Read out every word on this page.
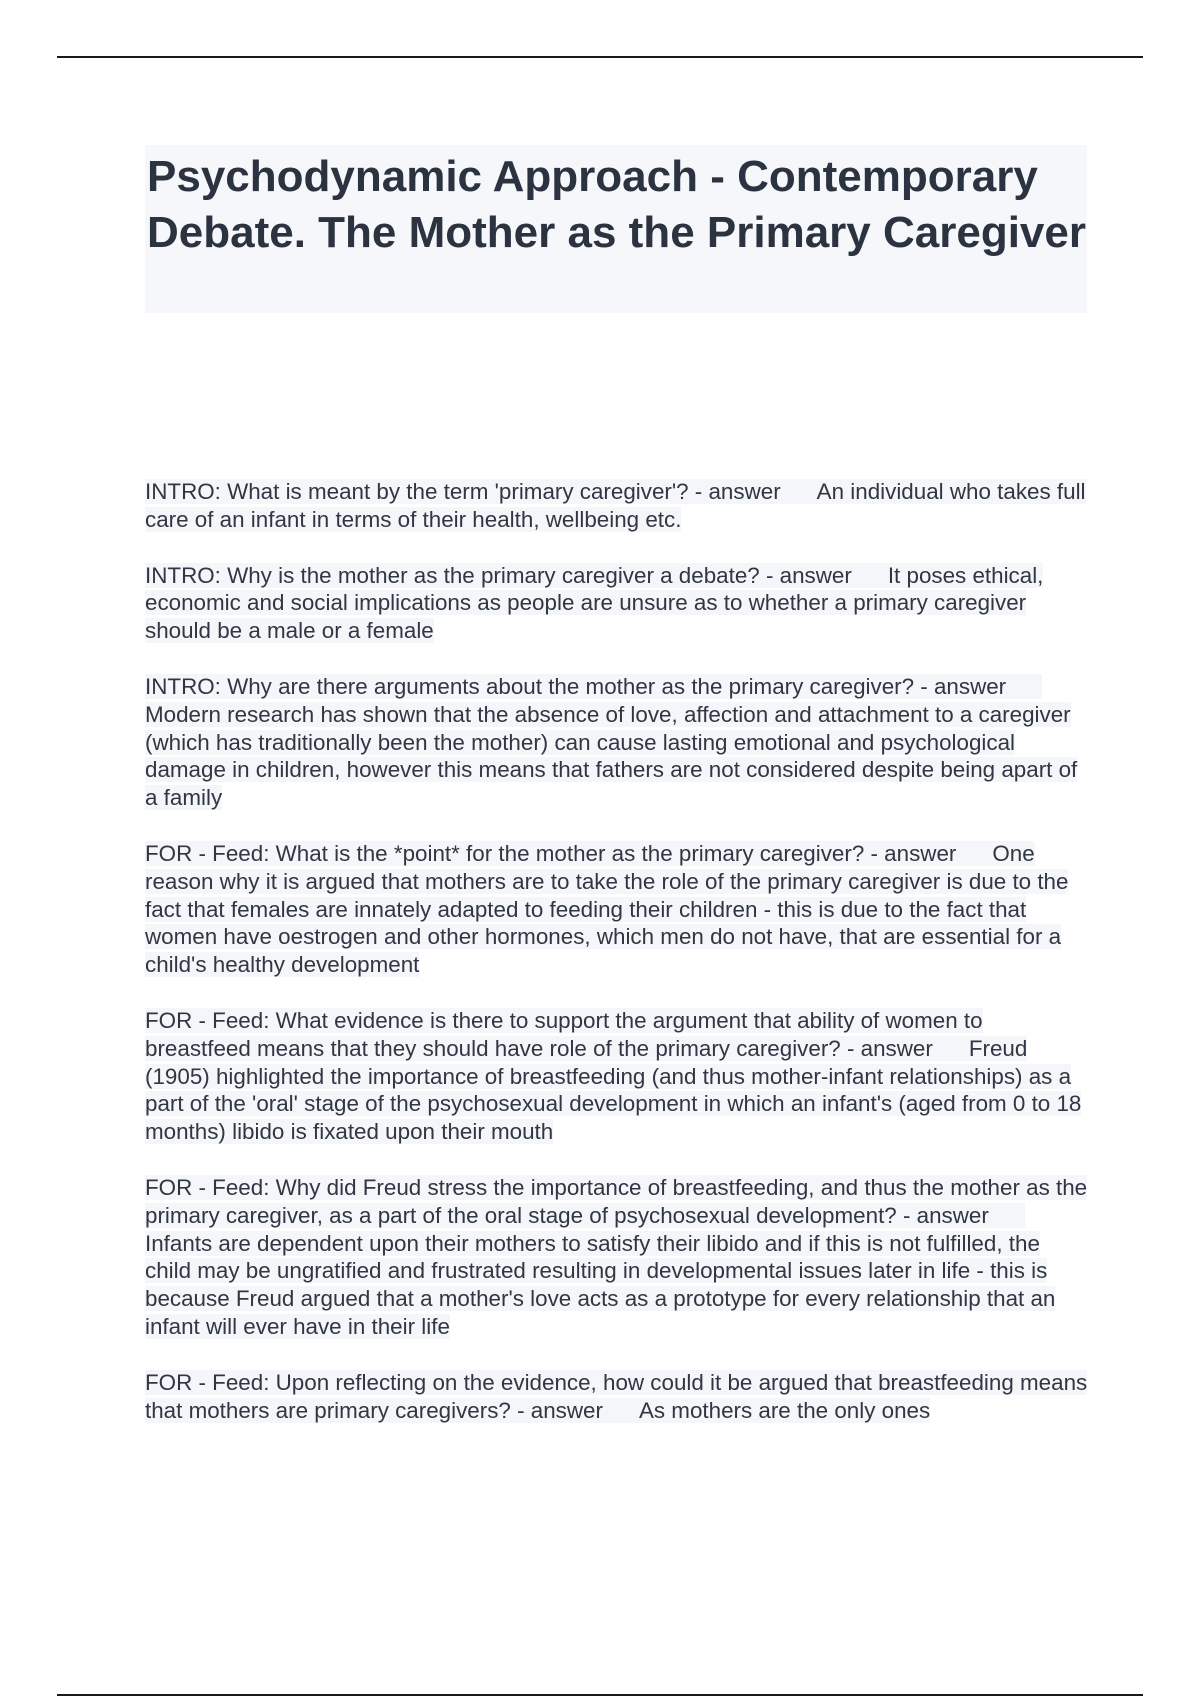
Psychodynamic Approach - Contemporary Debate. The Mother as the Primary Caregiver

INTRO: What is meant by the term 'primary caregiver'? - answer An individual who takes full care of an infant in terms of their health, wellbeing etc.

INTRO: Why is the mother as the primary caregiver a debate? - answer It poses ethical, economic and social implications as people are unsure as to whether a primary caregiver should be a male or a female

INTRO: Why are there arguments about the mother as the primary caregiver? - answerModern research has shown that the absence of love, affection and attachment to a caregiver (which has traditionally been the mother) can cause lasting emotional and psychological damage in children, however this means that fathers are not considered despite being apart of a family

FOR - Feed: What is the *point* for the mother as the primary caregiver? - answer One reason why it is argued that mothers are to take the role of the primary caregiver is due to the fact that females are innately adapted to feeding their children - this is due to the fact that women have oestrogen and other hormones, which men do not have, that are essential for a child's healthy development

FOR - Feed: What evidence is there to support the argument that ability of women to breastfeed means that they should have role of the primary caregiver? - answer Freud (1905) highlighted the importance of breastfeeding (and thus mother-infant relationships) as a part of the 'oral' stage of the psychosexual development in which an infant's (aged from 0 to 18 months) libido is fixated upon their mouth

FOR - Feed: Why did Freud stress the importance of breastfeeding, and thus the mother as the primary caregiver, as a part of the oral stage of psychosexual development? - answerInfants are dependent upon their mothers to satisfy their libido and if this is not fulfilled, the child may be ungratified and frustrated resulting in developmental issues later in life - this is because Freud argued that a mother's love acts as a prototype for every relationship that an infant will ever have in their life

FOR - Feed: Upon reflecting on the evidence, how could it be argued that breastfeeding means that mothers are primary caregivers? - answer As mothers are the only ones
